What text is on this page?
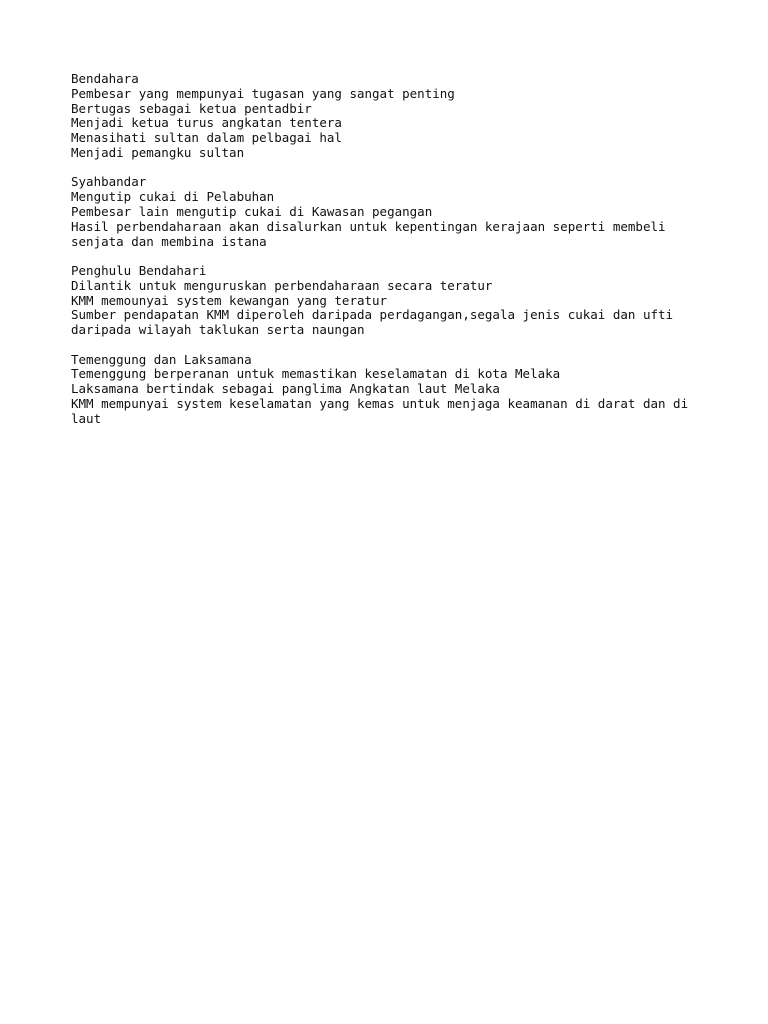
Bendahara
Pembesar yang mempunyai tugasan yang sangat penting
Bertugas sebagai ketua pentadbir
Menjadi ketua turus angkatan tentera
Menasihati sultan dalam pelbagai hal
Menjadi pemangku sultan
Syahbandar
Mengutip cukai di Pelabuhan
Pembesar lain mengutip cukai di Kawasan pegangan
Hasil perbendaharaan akan disalurkan untuk kepentingan kerajaan seperti membeli
senjata dan membina istana
Penghulu Bendahari
Dilantik untuk menguruskan perbendaharaan secara teratur
KMM memounyai system kewangan yang teratur
Sumber pendapatan KMM diperoleh daripada perdagangan,segala jenis cukai dan ufti
daripada wilayah taklukan serta naungan
Temenggung dan Laksamana
Temenggung berperanan untuk memastikan keselamatan di kota Melaka
Laksamana bertindak sebagai panglima Angkatan laut Melaka
KMM mempunyai system keselamatan yang kemas untuk menjaga keamanan di darat dan di
laut
